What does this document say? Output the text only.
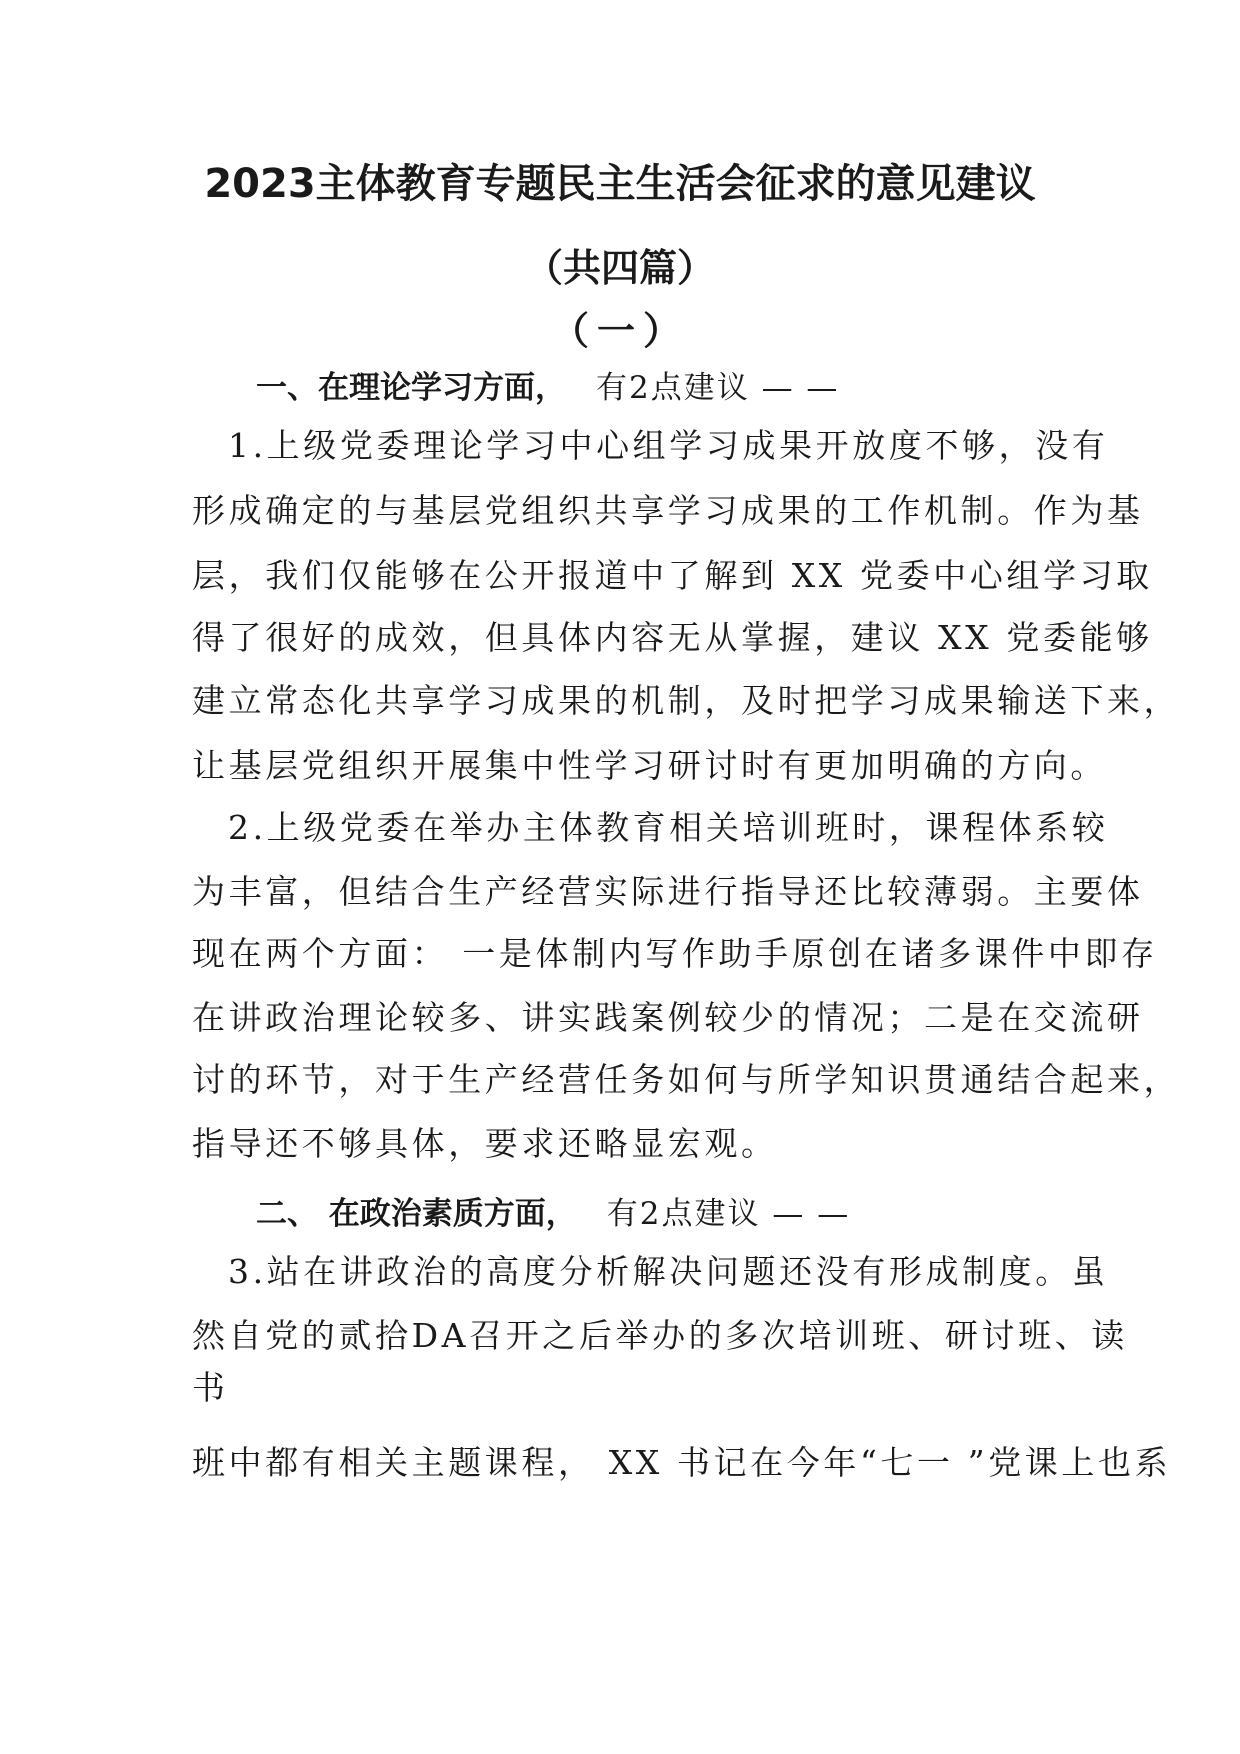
2023主体教育专题民主生活会征求的意见建议
（共四篇）
（一）
一、在理论学习方面， 有2点建议 — —
1.上级党委理论学习中心组学习成果开放度不够，没有
形成确定的与基层党组织共享学习成果的工作机制。作为基
层，我们仅能够在公开报道中了解到 XX 党委中心组学习取
得了很好的成效，但具体内容无从掌握，建议 XX 党委能够
建立常态化共享学习成果的机制，及时把学习成果输送下来，
让基层党组织开展集中性学习研讨时有更加明确的方向。
2.上级党委在举办主体教育相关培训班时，课程体系较
为丰富，但结合生产经营实际进行指导还比较薄弱。主要体
现在两个方面： 一是体制内写作助手原创在诸多课件中即存
在讲政治理论较多、讲实践案例较少的情况；二是在交流研
讨的环节，对于生产经营任务如何与所学知识贯通结合起来，
指导还不够具体，要求还略显宏观。
二、 在政治素质方面， 有2点建议 — —
3.站在讲政治的高度分析解决问题还没有形成制度。虽
然自党的贰拾DA召开之后举办的多次培训班、研讨班、读
书
班中都有相关主题课程， XX 书记在今年“七一 ”党课上也系
